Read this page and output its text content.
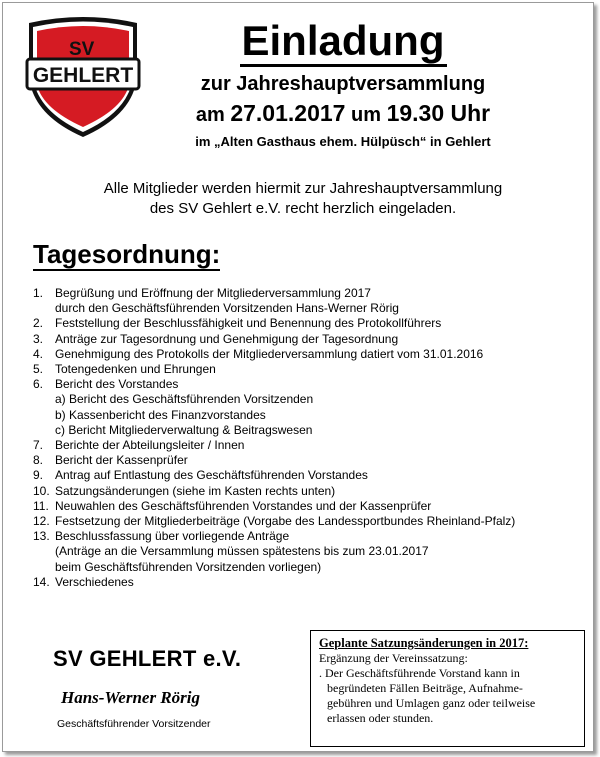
SV
GEHLERT
Einladung
zur Jahreshauptversammlung
am 27.01.2017 um 19.30 Uhr
im „Alten Gasthaus ehem. Hülpüsch“ in Gehlert
Alle Mitglieder werden hiermit zur Jahreshauptversammlung
des SV Gehlert e.V. recht herzlich eingeladen.
Tagesordnung:
1. Begrüßung und Eröffnung der Mitgliederversammlung 2017
durch den Geschäftsführenden Vorsitzenden Hans-Werner Rörig
2. Feststellung der Beschlussfähigkeit und Benennung des Protokollführers
3. Anträge zur Tagesordnung und Genehmigung der Tagesordnung
4. Genehmigung des Protokolls der Mitgliederversammlung datiert vom 31.01.2016
5. Totengedenken und Ehrungen
6. Bericht des Vorstandes
a) Bericht des Geschäftsführenden Vorsitzenden
b) Kassenbericht des Finanzvorstandes
c) Bericht Mitgliederverwaltung & Beitragswesen
7. Berichte der Abteilungsleiter / Innen
8. Bericht der Kassenprüfer
9. Antrag auf Entlastung des Geschäftsführenden Vorstandes
10. Satzungsänderungen (siehe im Kasten rechts unten)
11. Neuwahlen des Geschäftsführenden Vorstandes und der Kassenprüfer
12. Festsetzung der Mitgliederbeiträge (Vorgabe des Landessportbundes Rheinland-Pfalz)
13. Beschlussfassung über vorliegende Anträge
(Anträge an die Versammlung müssen spätestens bis zum 23.01.2017
beim Geschäftsführenden Vorsitzenden vorliegen)
14. Verschiedenes
SV GEHLERT e.V.
Hans-Werner Rörig
Geschäftsführender Vorsitzender

Geplante Satzungsänderungen in 2017:

Ergänzung der Vereinssatzung:

. Der Geschäftsführende Vorstand kann in

begründeten Fällen Beiträge, Aufnahme-

gebühren und Umlagen ganz oder teilweise

erlassen oder stunden.
